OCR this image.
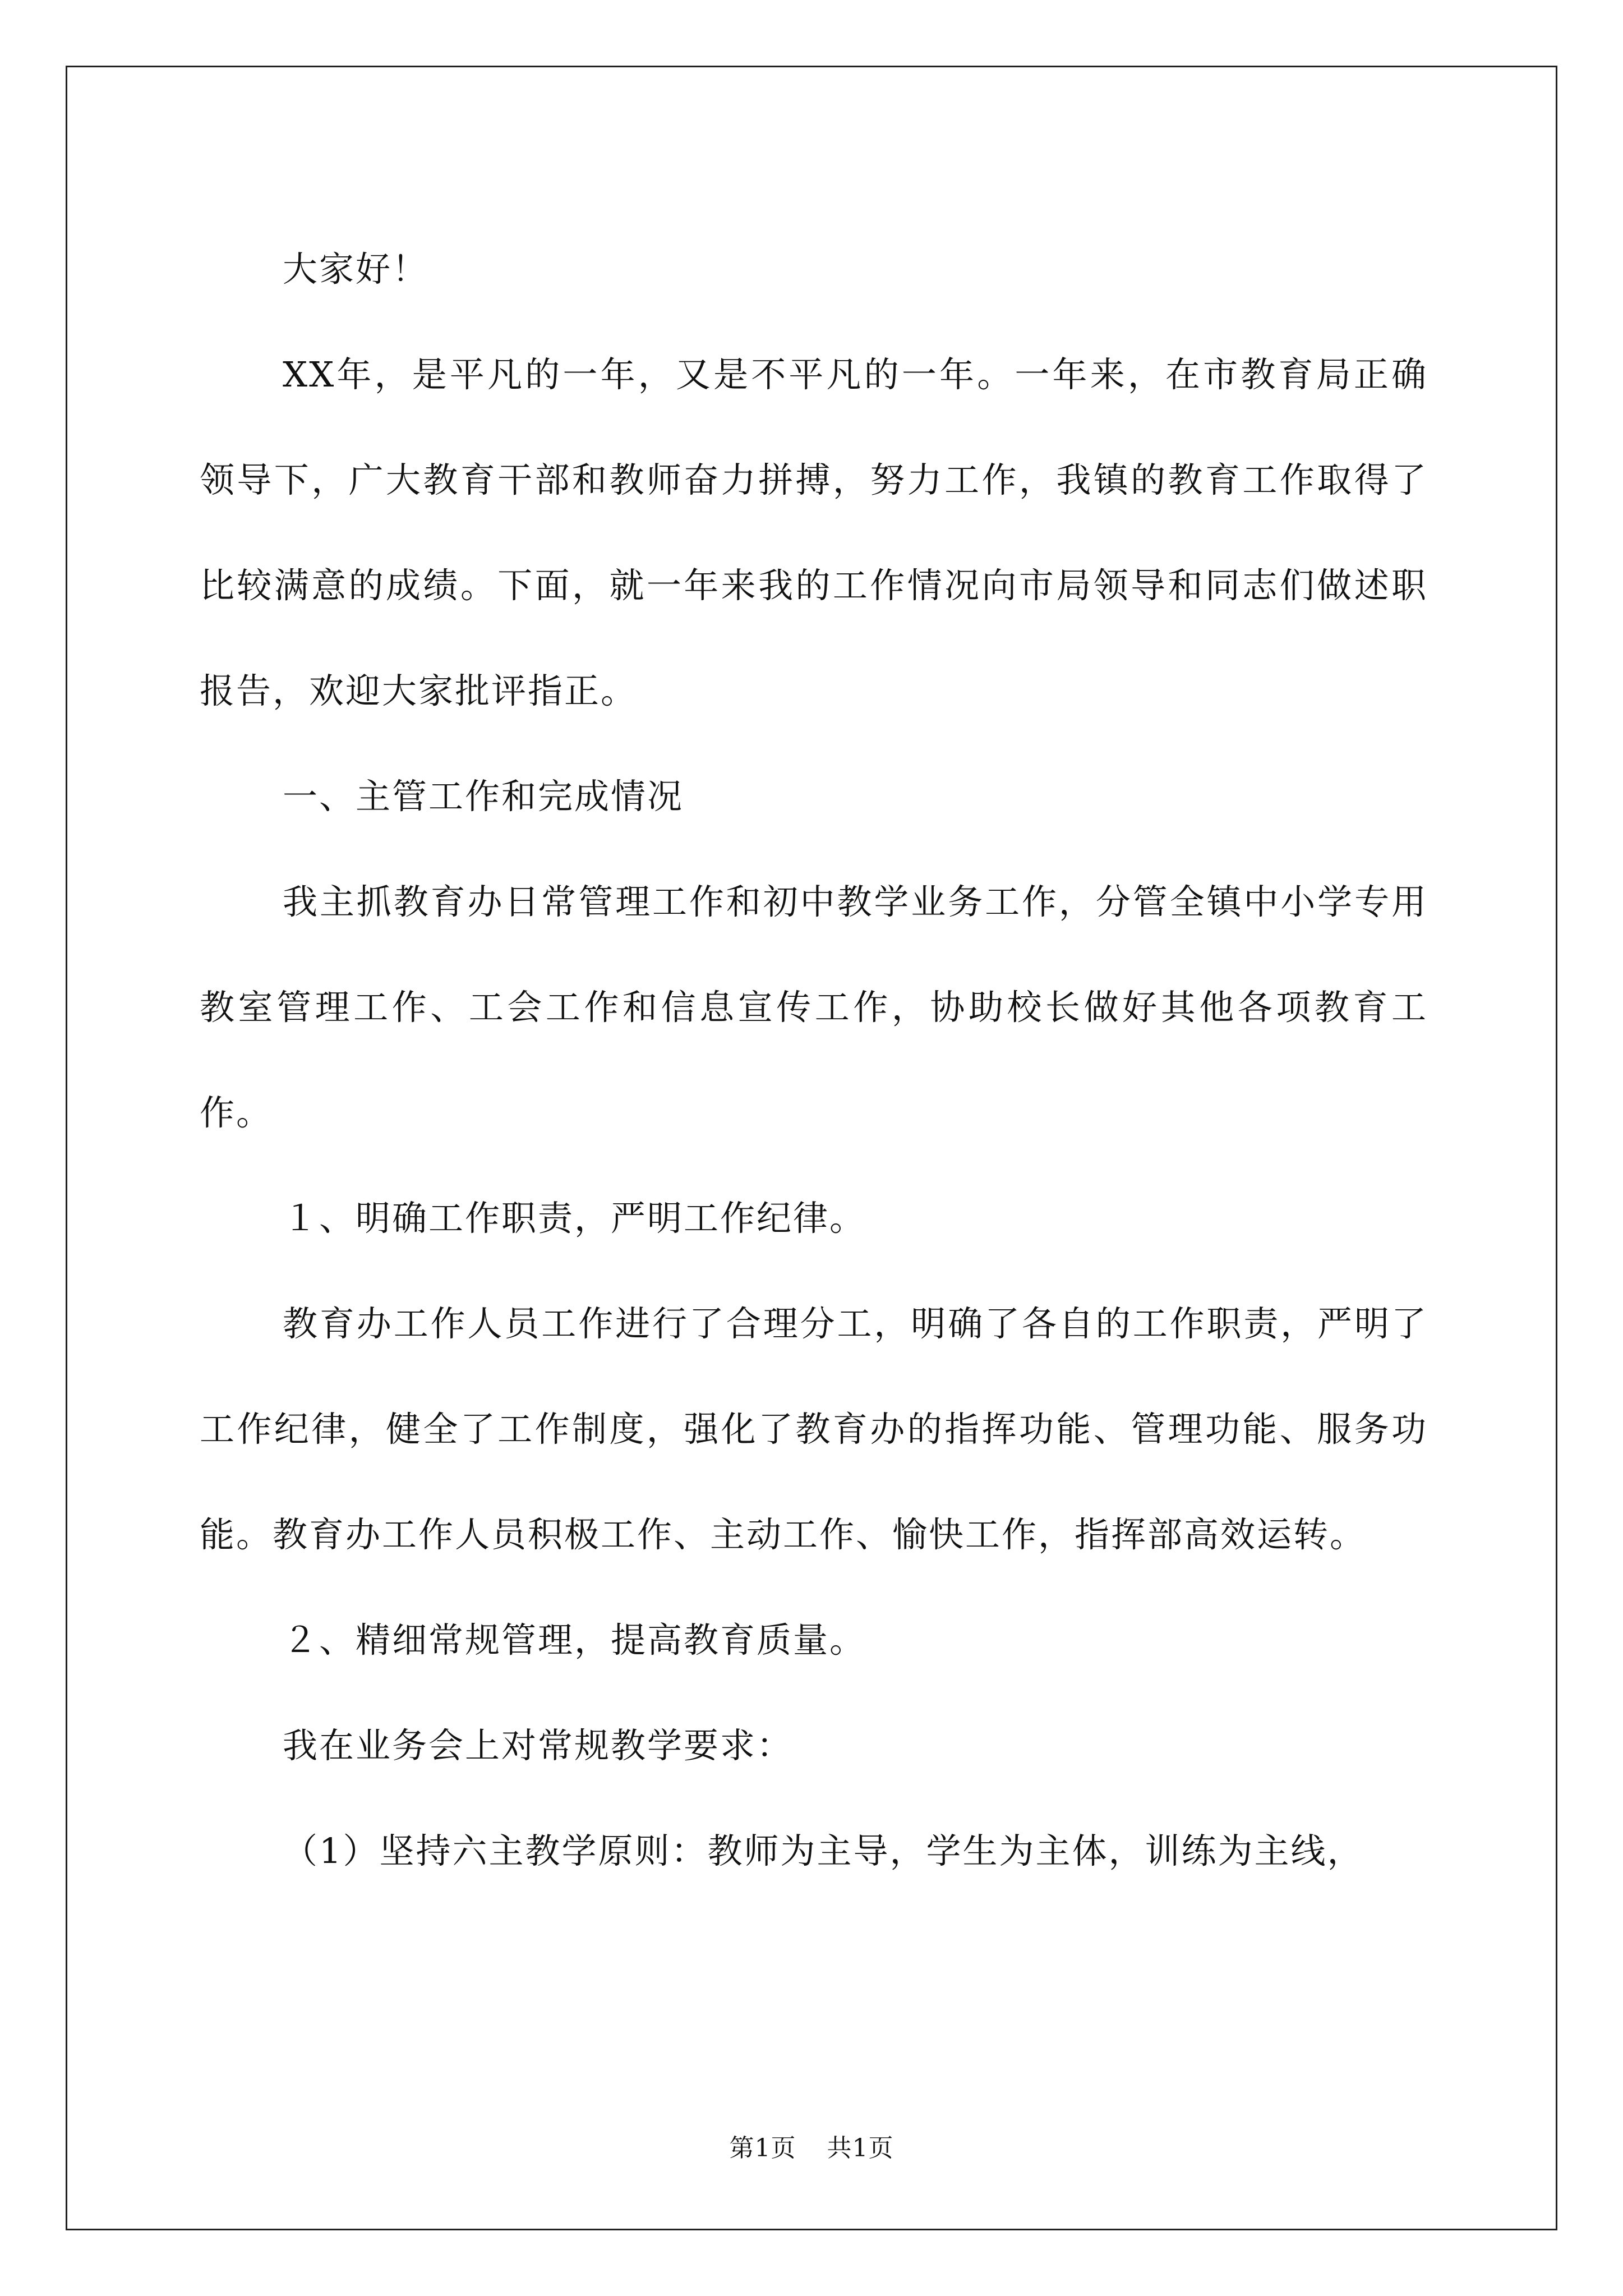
大家好！

XX年，是平凡的一年，又是不平凡的一年。一年来，在市教育局正确领导下，广大教育干部和教师奋力拼搏，努力工作，我镇的教育工作取得了比较满意的成绩。下面，就一年来我的工作情况向市局领导和同志们做述职报告，欢迎大家批评指正。

一、主管工作和完成情况

我主抓教育办日常管理工作和初中教学业务工作，分管全镇中小学专用教室管理工作、工会工作和信息宣传工作，协助校长做好其他各项教育工作。

１、明确工作职责，严明工作纪律。

教育办工作人员工作进行了合理分工，明确了各自的工作职责，严明了工作纪律，健全了工作制度，强化了教育办的指挥功能、管理功能、服务功能。教育办工作人员积极工作、主动工作、愉快工作，指挥部高效运转。

２、精细常规管理，提高教育质量。

我在业务会上对常规教学要求：

（1）坚持六主教学原则：教师为主导，学生为主体，训练为主线，

第1页 共1页
